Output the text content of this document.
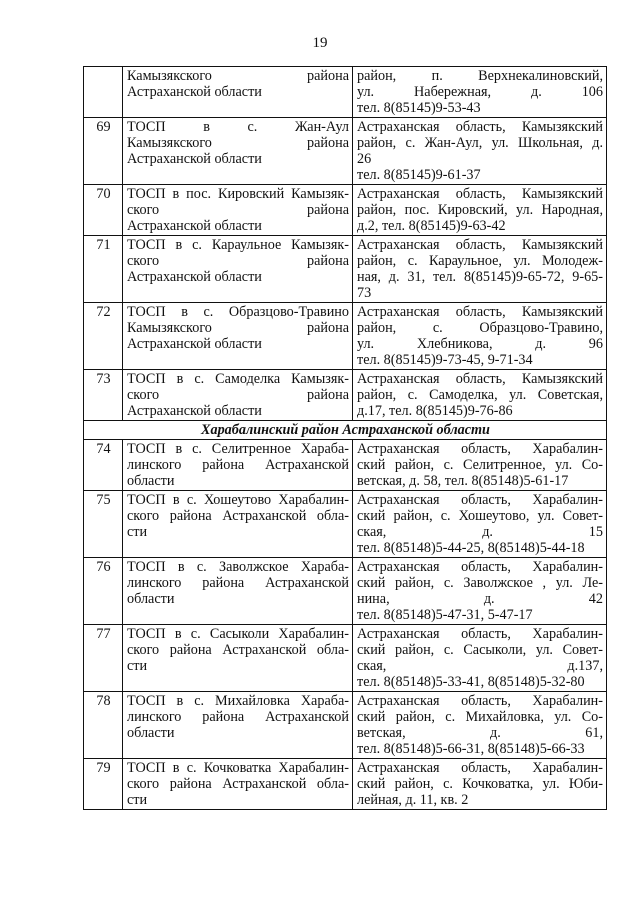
19

	Камызякского района
Астраханской области	район, п. Верхнекалиновский,
ул. Набережная, д. 106
тел. 8(85145)9-53-43

69	ТОСП в с. Жан-Аул
Камызякского района
Астраханской области	Астраханская область, Камызякский
район, с. Жан-Аул, ул. Школьная, д.
26
тел. 8(85145)9-61-37

70	ТОСП в пос. Кировский Камызяк-
ского района
Астраханской области	Астраханская область, Камызякский
район, пос. Кировский, ул. Народная,
д.2, тел. 8(85145)9-63-42

71	ТОСП в с. Караульное Камызяк-
ского района
Астраханской области	Астраханская область, Камызякский
район, с. Караульное, ул. Молодеж-
ная, д. 31, тел. 8(85145)9-65-72, 9-65-
73

72	ТОСП в с. Образцово-Травино
Камызякского района
Астраханской области	Астраханская область, Камызякский
район, с. Образцово-Травино,
ул. Хлебникова, д. 96
тел. 8(85145)9-73-45, 9-71-34

73	ТОСП в с. Самоделка Камызяк-
ского района
Астраханской области	Астраханская область, Камызякский
район, с. Самоделка, ул. Советская,
д.17, тел. 8(85145)9-76-86

Харабалинский район Астраханской области		
74	ТОСП в с. Селитренное Хараба-
линского района Астраханской
области	Астраханская область, Харабалин-
ский район, с. Селитренное, ул. Со-
ветская, д. 58, тел. 8(85148)5-61-17

75	ТОСП в с. Хошеутово Харабалин-
ского района Астраханской обла-
сти	Астраханская область, Харабалин-
ский район, с. Хошеутово, ул. Совет-
ская, д. 15
тел. 8(85148)5-44-25, 8(85148)5-44-18

76	ТОСП в с. Заволжское Хараба-
линского района Астраханской
области	Астраханская область, Харабалин-
ский район, с. Заволжское , ул. Ле-
нина, д. 42
тел. 8(85148)5-47-31, 5-47-17

77	ТОСП в с. Сасыколи Харабалин-
ского района Астраханской обла-
сти	Астраханская область, Харабалин-
ский район, с. Сасыколи, ул. Совет-
ская, д.137,
тел. 8(85148)5-33-41, 8(85148)5-32-80

78	ТОСП в с. Михайловка Хараба-
линского района Астраханской
области	Астраханская область, Харабалин-
ский район, с. Михайловка, ул. Со-
ветская, д. 61,
тел. 8(85148)5-66-31, 8(85148)5-66-33

79	ТОСП в с. Кочковатка Харабалин-
ского района Астраханской обла-
сти	Астраханская область, Харабалин-
ский район, с. Кочковатка, ул. Юби-
лейная, д. 11, кв. 2
